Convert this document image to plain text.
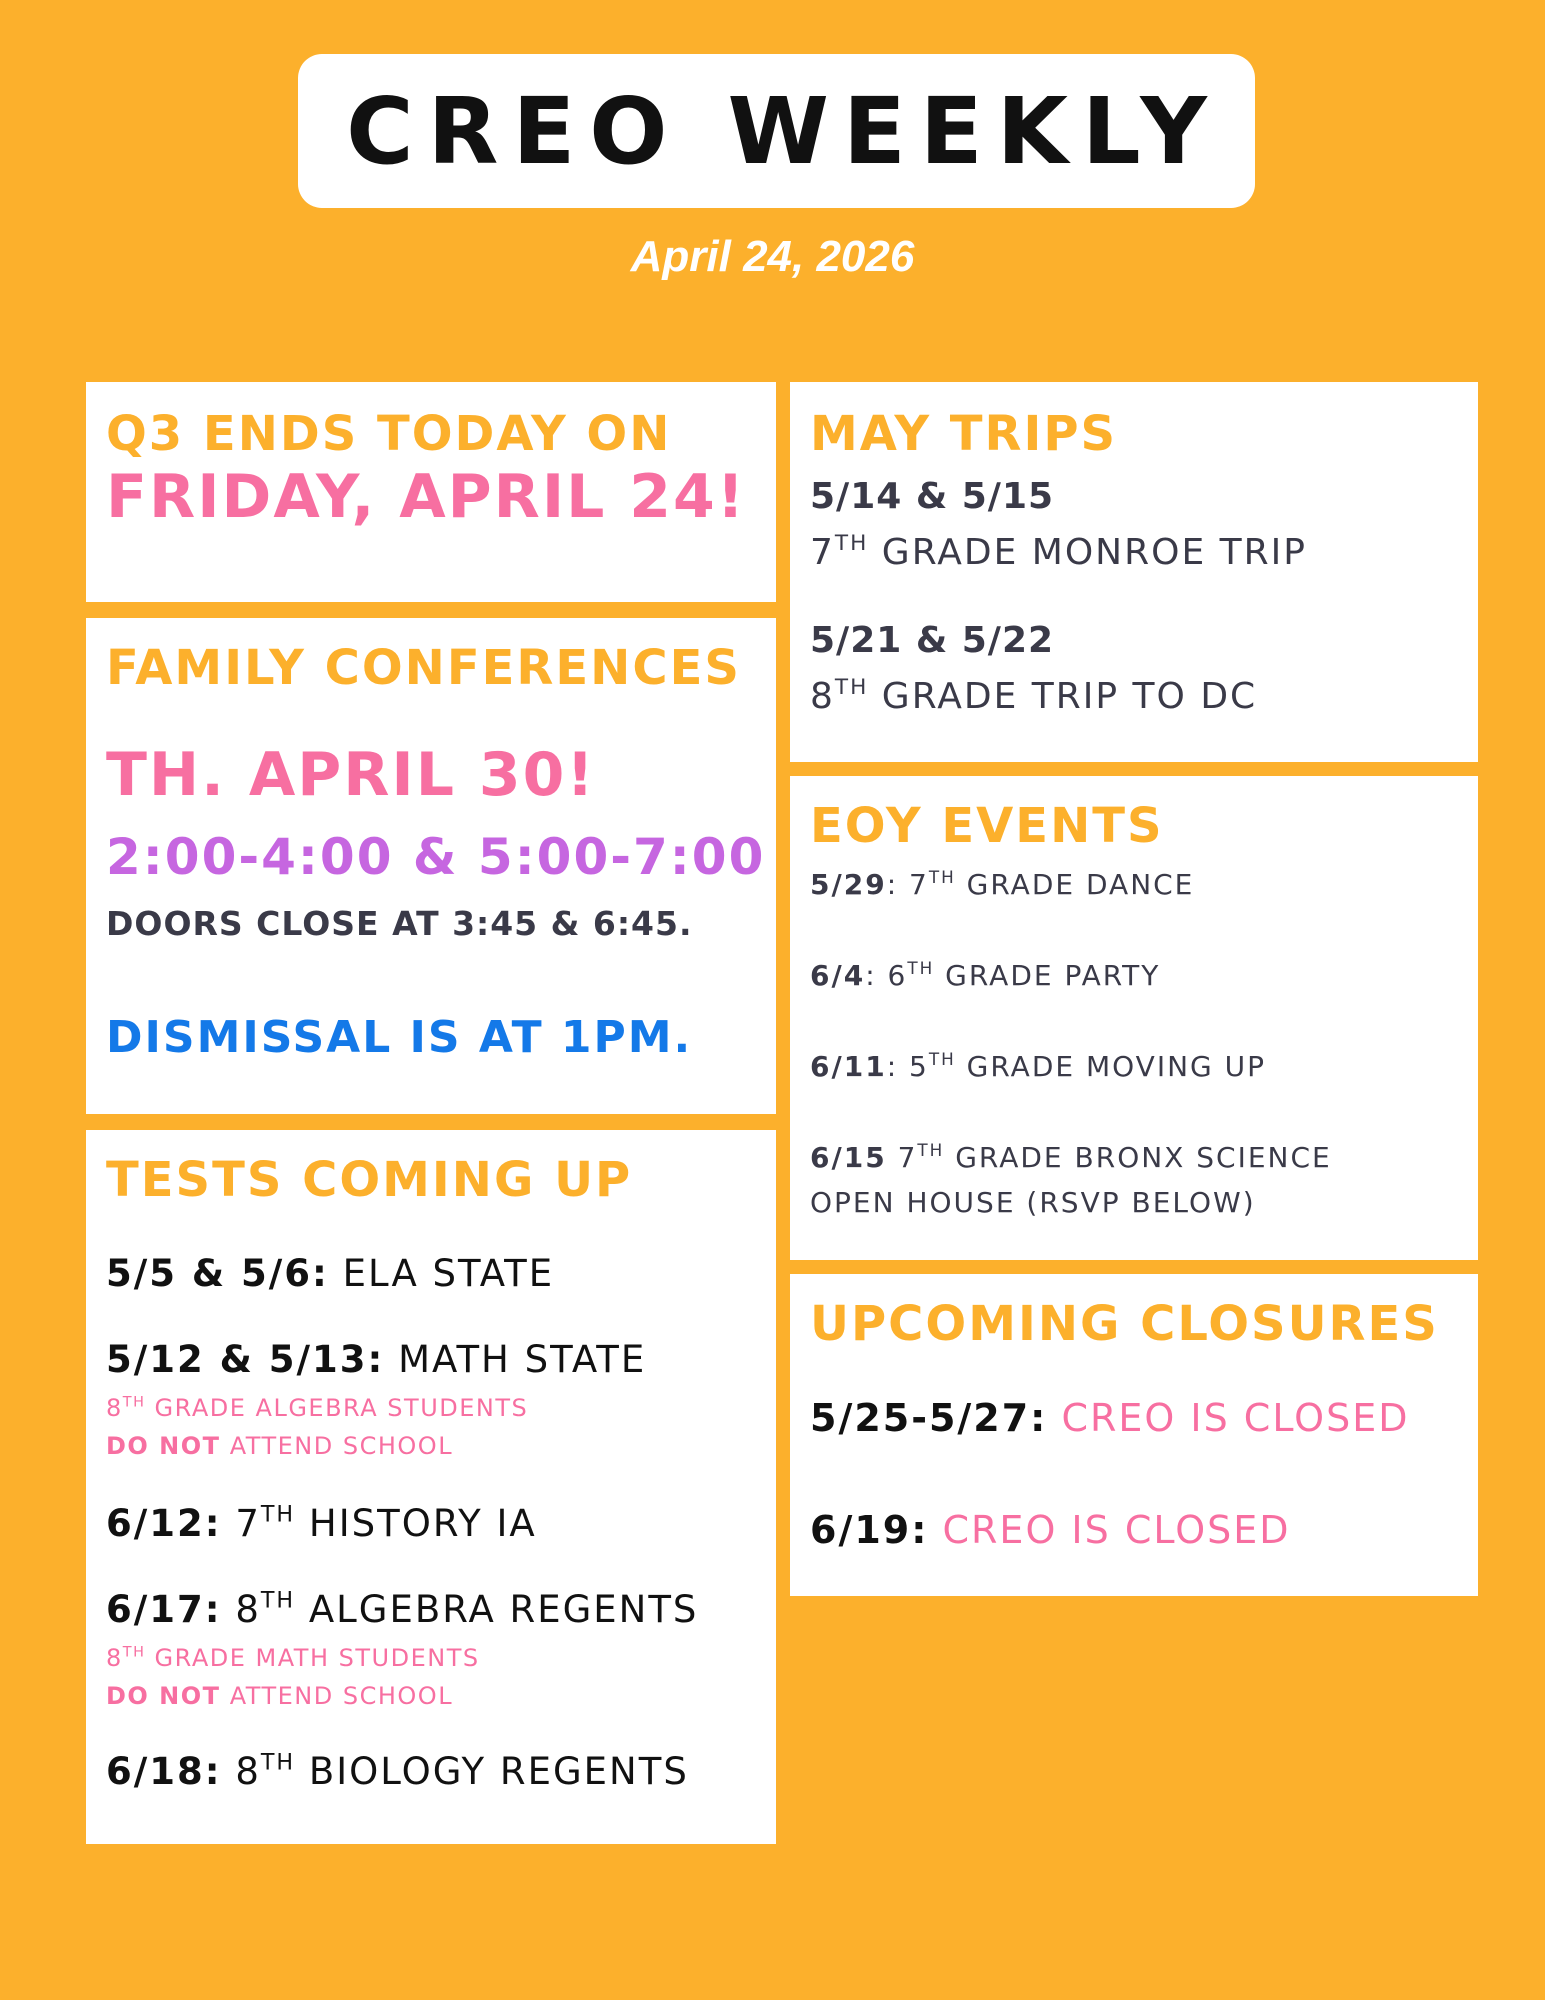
CREO WEEKLY
April 24, 2026
Q3 ENDS TODAY ON
FRIDAY, APRIL 24!
FAMILY CONFERENCES
TH. APRIL 30!
2:00-4:00 & 5:00-7:00
DOORS CLOSE AT 3:45 & 6:45.
DISMISSAL IS AT 1PM.
TESTS COMING UP
5/5 & 5/6: ELA STATE
5/12 & 5/13: MATH STATE
8TH GRADE ALGEBRA STUDENTS
DO NOT ATTEND SCHOOL
6/12: 7TH HISTORY IA
6/17: 8TH ALGEBRA REGENTS
8TH GRADE MATH STUDENTS
DO NOT ATTEND SCHOOL
6/18: 8TH BIOLOGY REGENTS
MAY TRIPS
5/14 & 5/15
7TH GRADE MONROE TRIP
5/21 & 5/22
8TH GRADE TRIP TO DC
EOY EVENTS
5/29: 7TH GRADE DANCE
6/4: 6TH GRADE PARTY
6/11: 5TH GRADE MOVING UP
6/15 7TH GRADE BRONX SCIENCE
OPEN HOUSE (RSVP BELOW)
UPCOMING CLOSURES
5/25-5/27: CREO IS CLOSED
6/19: CREO IS CLOSED
